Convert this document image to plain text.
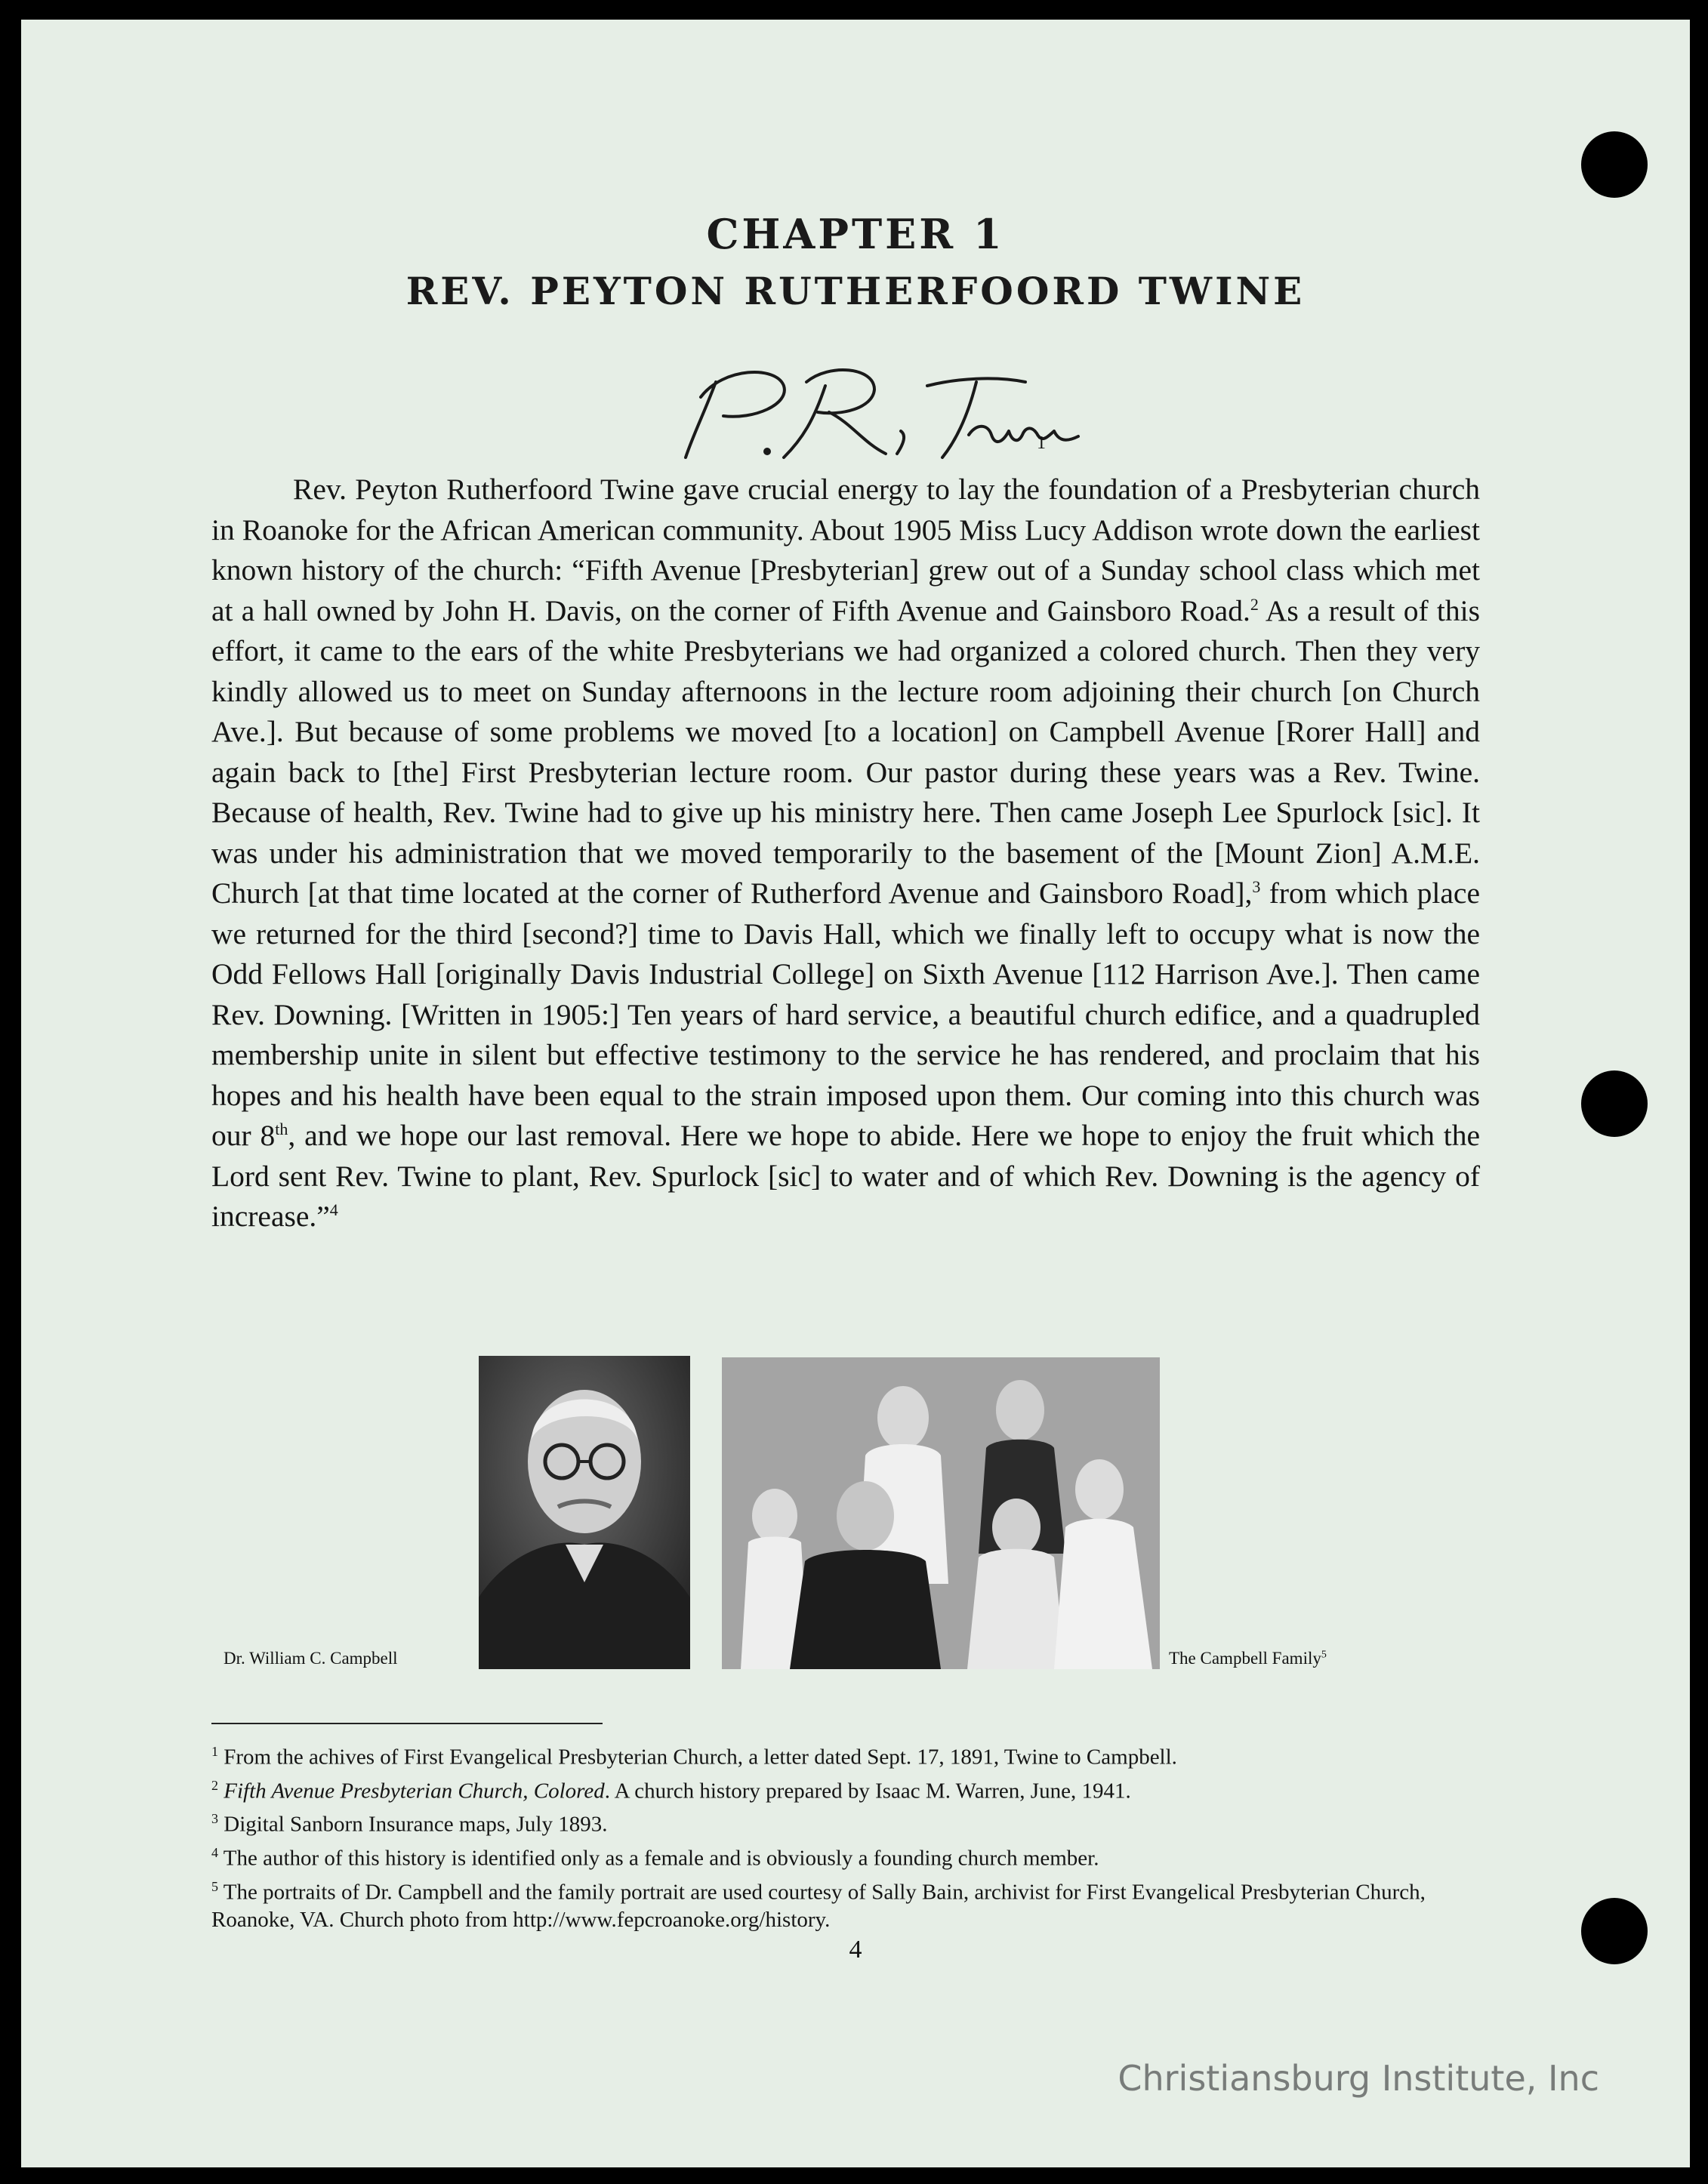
CHAPTER 1
REV. PEYTON RUTHERFOORD TWINE
1

Rev. Peyton Rutherfoord Twine gave crucial energy to lay the foundation of a Presbyterian church in Roanoke for the African American community. About 1905 Miss Lucy Addison wrote down the earliest known history of the church: “Fifth Avenue [Presbyterian] grew out of a Sunday school class which met at a hall owned by John H. Davis, on the corner of Fifth Avenue and Gainsboro Road.$^2$ As a result of this effort, it came to the ears of the white Presbyterians we had organized a colored church. Then they very kindly allowed us to meet on Sunday afternoons in the lecture room adjoining their church [on Church Ave.]. But because of some problems we moved [to a location] on Campbell Avenue [Rorer Hall] and again back to [the] First Presbyterian lecture room. Our pastor during these years was a Rev. Twine. Because of health, Rev. Twine had to give up his ministry here. Then came Joseph Lee Spurlock [sic]. It was under his administration that we moved temporarily to the basement of the [Mount Zion] A.M.E. Church [at that time located at the corner of Rutherford Avenue and Gainsboro Road],$^3$ from which place we returned for the third [second?] time to Davis Hall, which we finally left to occupy what is now the Odd Fellows Hall [originally Davis Industrial College] on Sixth Avenue [112 Harrison Ave.]. Then came Rev. Downing. [Written in 1905:] Ten years of hard service, a beautiful church edifice, and a quadrupled membership unite in silent but effective testimony to the service he has rendered, and proclaim that his hopes and his health have been equal to the strain imposed upon them. Our coming into this church was our 8th, and we hope our last removal. Here we hope to abide. Here we hope to enjoy the fruit which the Lord sent Rev. Twine to plant, Rev. Spurlock [sic] to water and of which Rev. Downing is the agency of increase.”$^4$

Dr. William C. Campbell	The Campbell Family$^5$
$^1$ From the achives of First Evangelical Presbyterian Church, a letter dated Sept. 17, 1891, Twine to Campbell.
$^2$ Fifth Avenue Presbyterian Church, Colored. A church history prepared by Isaac M. Warren, June, 1941.
$^3$ Digital Sanborn Insurance maps, July 1893.
$^4$ The author of this history is identified only as a female and is obviously a founding church member.
$^5$ The portraits of Dr. Campbell and the family portrait are used courtesy of Sally Bain, archivist for First Evangelical Presbyterian Church, Roanoke, VA. Church photo from http://www.fepcroanoke.org/history.
4
Christiansburg Institute, Inc
